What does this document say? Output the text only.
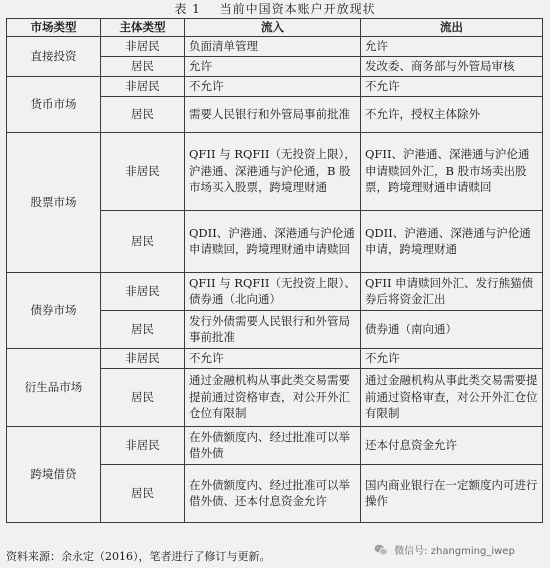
表 1 当前中国资本账户开放现状
市场类型	主体类型	流入	流出
直接投资	非居民	负面清单管理	允许
	居民	允许	发改委、商务部与外管局审核
货币市场	非居民	不允许	不允许
	居民	需要人民银行和外管局事前批准	不允许，授权主体除外
股票市场	非居民	QFII 与 RQFII（无投资上限），沪港通、深港通与沪伦通，B 股市场买入股票，跨境理财通	QFII、沪港通、深港通与沪伦通申请赎回外汇，B 股市场卖出股票，跨境理财通申请赎回
	居民	QDII、沪港通、深港通与沪伦通申请赎回，跨境理财通申请赎回	QDII、沪港通、深港通与沪伦通申请，跨境理财通
债券市场	非居民	QFII 与 RQFII（无投资上限）、债券通（北向通）	QFII 申请赎回外汇、发行熊猫债券后将资金汇出
	居民	发行外债需要人民银行和外管局事前批准	债券通（南向通）
衍生品市场	非居民	不允许	不允许
	居民	通过金融机构从事此类交易需要提前通过资格审查，对公开外汇仓位有限制	通过金融机构从事此类交易需要提前通过资格审查，对公开外汇仓位有限制
跨境借贷	非居民	在外债额度内、经过批准可以举借外债	还本付息资金允许
	居民	在外债额度内、经过批准可以举借外债、还本付息资金允许	国内商业银行在一定额度内可进行操作
资料来源：余永定（2016），笔者进行了修订与更新。	微信号: zhangming_iwep
